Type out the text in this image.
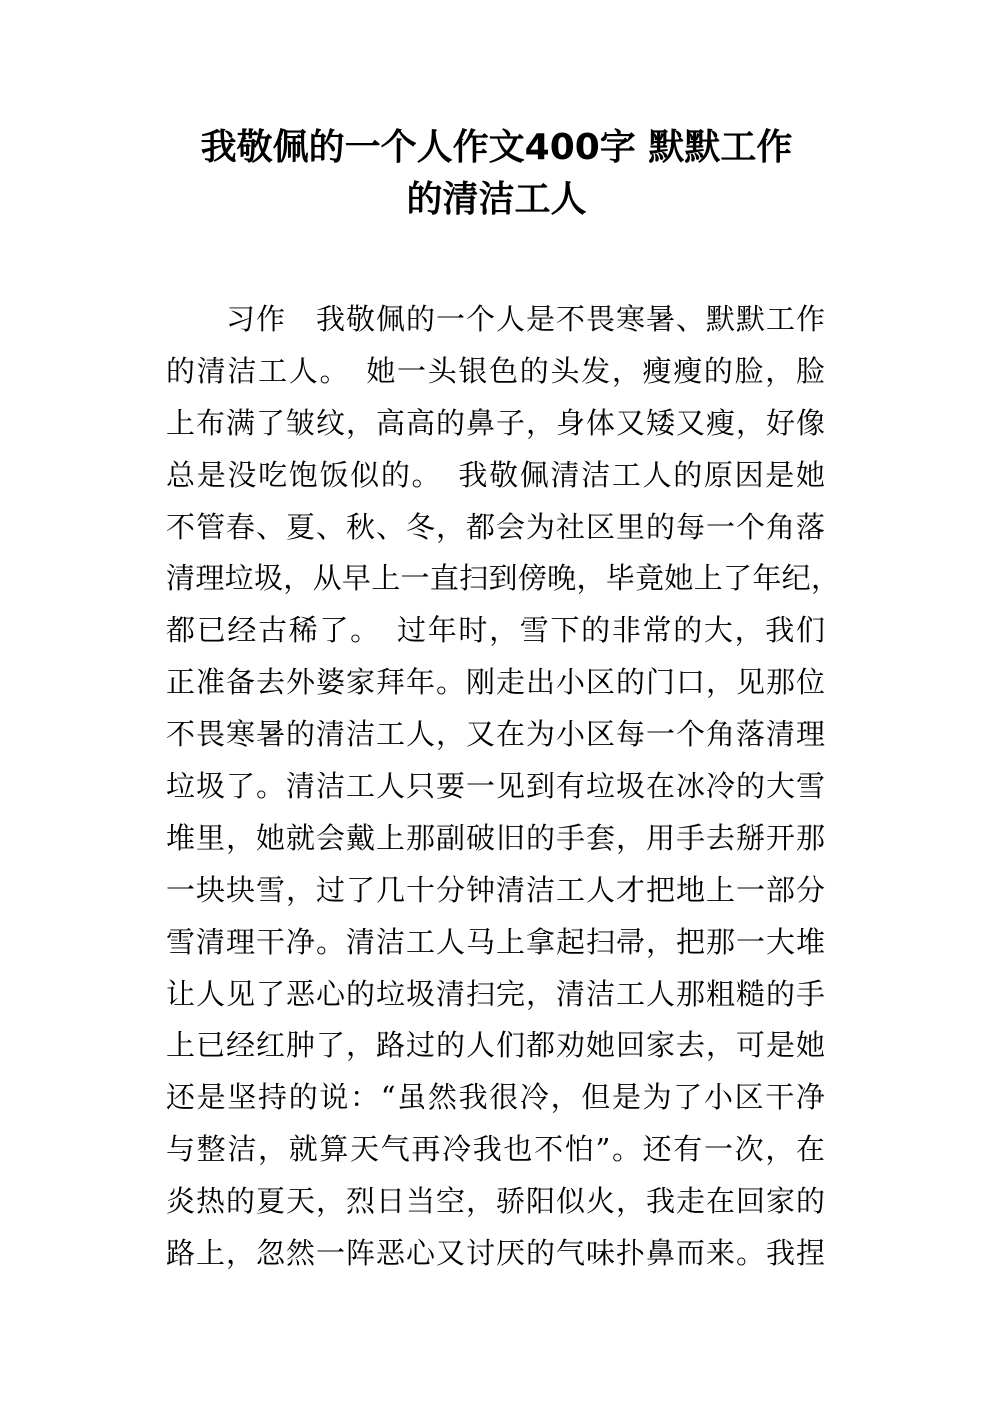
我敬佩的一个人作文400字 默默工作
的清洁工人
　　习作　我敬佩的一个人是不畏寒暑、默默工作
的清洁工人。　她一头银色的头发，瘦瘦的脸，脸
上布满了皱纹，高高的鼻子，身体又矮又瘦，好像
总是没吃饱饭似的。　我敬佩清洁工人的原因是她
不管春、夏、秋、冬，都会为社区里的每一个角落
清理垃圾，从早上一直扫到傍晚，毕竟她上了年纪，
都已经古稀了。　过年时，雪下的非常的大，我们
正准备去外婆家拜年。刚走出小区的门口，见那位
不畏寒暑的清洁工人，又在为小区每一个角落清理
垃圾了。清洁工人只要一见到有垃圾在冰冷的大雪
堆里，她就会戴上那副破旧的手套，用手去掰开那
一块块雪，过了几十分钟清洁工人才把地上一部分
雪清理干净。清洁工人马上拿起扫帚，把那一大堆
让人见了恶心的垃圾清扫完，清洁工人那粗糙的手
上已经红肿了，路过的人们都劝她回家去，可是她
还是坚持的说：“虽然我很冷，但是为了小区干净
与整洁，就算天气再冷我也不怕”。还有一次，在
炎热的夏天，烈日当空，骄阳似火，我走在回家的
路上，忽然一阵恶心又讨厌的气味扑鼻而来。我捏
